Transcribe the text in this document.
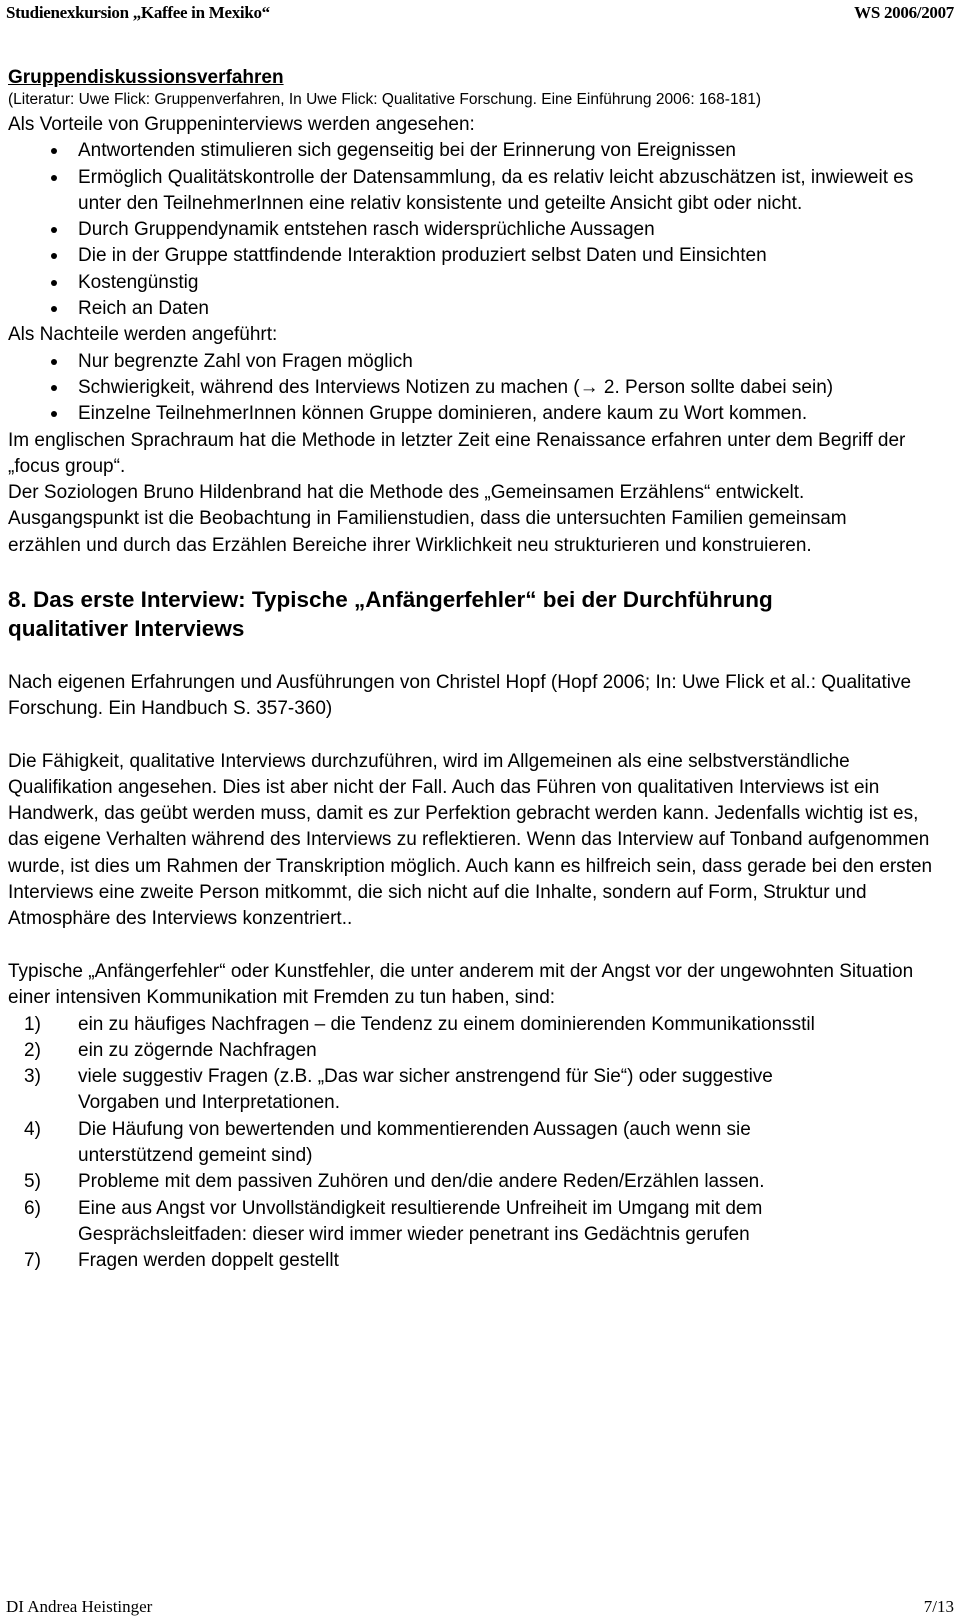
Studienexkursion „Kaffee in Mexiko“	WS 2006/2007
Gruppendiskussionsverfahren
(Literatur: Uwe Flick: Gruppenverfahren, In Uwe Flick: Qualitative Forschung. Eine Einführung 2006: 168-181)

Als Vorteile von Gruppeninterviews werden angesehen:

Antwortenden stimulieren sich gegenseitig bei der Erinnerung von Ereignissen
Ermöglich Qualitätskontrolle der Datensammlung, da es relativ leicht abzuschätzen ist, inwieweit es unter den TeilnehmerInnen eine relativ konsistente und geteilte Ansicht gibt oder nicht.
Durch Gruppendynamik entstehen rasch widersprüchliche Aussagen
Die in der Gruppe stattfindende Interaktion produziert selbst Daten und Einsichten
Kostengünstig
Reich an Daten

Als Nachteile werden angeführt:

Nur begrenzte Zahl von Fragen möglich
Schwierigkeit, während des Interviews Notizen zu machen (→ 2. Person sollte dabei sein)
Einzelne TeilnehmerInnen können Gruppe dominieren, andere kaum zu Wort kommen.

Im englischen Sprachraum hat die Methode in letzter Zeit eine Renaissance erfahren unter dem Begriff der „focus group“.

Der Soziologen Bruno Hildenbrand hat die Methode des „Gemeinsamen Erzählens“ entwickelt. Ausgangspunkt ist die Beobachtung in Familienstudien, dass die untersuchten Familien gemeinsam erzählen und durch das Erzählen Bereiche ihrer Wirklichkeit neu strukturieren und konstruieren.

8. Das erste Interview: Typische „Anfängerfehler“ bei der Durchführung qualitativer Interviews

Nach eigenen Erfahrungen und Ausführungen von Christel Hopf (Hopf 2006; In: Uwe Flick et al.: Qualitative Forschung. Ein Handbuch S. 357-360)

Die Fähigkeit, qualitative Interviews durchzuführen, wird im Allgemeinen als eine selbstverständliche Qualifikation angesehen. Dies ist aber nicht der Fall. Auch das Führen von qualitativen Interviews ist ein Handwerk, das geübt werden muss, damit es zur Perfektion gebracht werden kann. Jedenfalls wichtig ist es, das eigene Verhalten während des Interviews zu reflektieren. Wenn das Interview auf Tonband aufgenommen wurde, ist dies um Rahmen der Transkription möglich. Auch kann es hilfreich sein, dass gerade bei den ersten Interviews eine zweite Person mitkommt, die sich nicht auf die Inhalte, sondern auf Form, Struktur und Atmosphäre des Interviews konzentriert..

Typische „Anfängerfehler“ oder Kunstfehler, die unter anderem mit der Angst vor der ungewohnten Situation einer intensiven Kommunikation mit Fremden zu tun haben, sind:

1) ein zu häufiges Nachfragen – die Tendenz zu einem dominierenden Kommunikationsstil
2) ein zu zögernde Nachfragen
3) viele suggestiv Fragen (z.B. „Das war sicher anstrengend für Sie“) oder suggestive Vorgaben und Interpretationen.
4) Die Häufung von bewertenden und kommentierenden Aussagen (auch wenn sie unterstützend gemeint sind)
5) Probleme mit dem passiven Zuhören und den/die andere Reden/Erzählen lassen.
6) Eine aus Angst vor Unvollständigkeit resultierende Unfreiheit im Umgang mit dem Gesprächsleitfaden: dieser wird immer wieder penetrant ins Gedächtnis gerufen
7) Fragen werden doppelt gestellt
DI Andrea Heistinger	7/13
